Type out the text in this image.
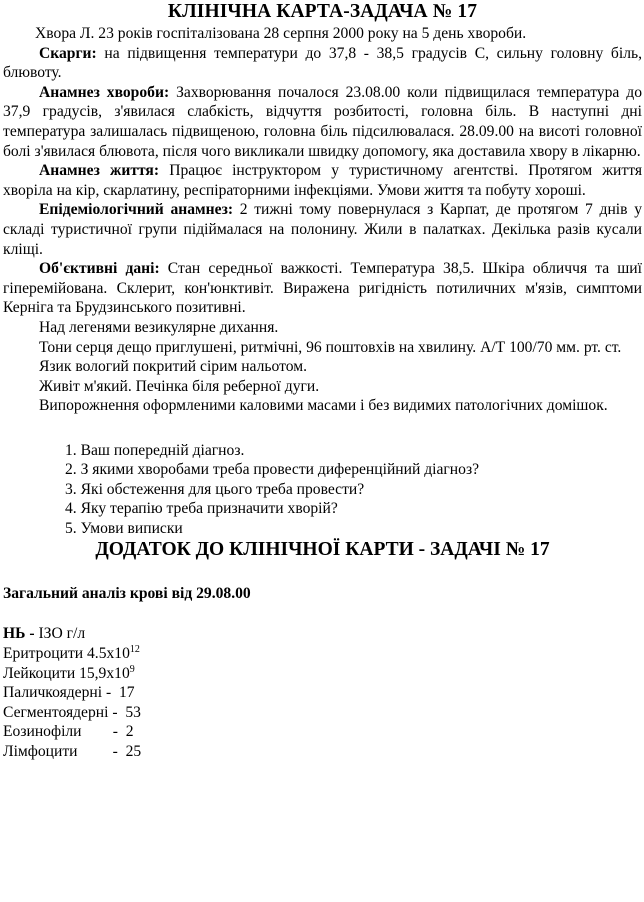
КЛІНІЧНА КАРТА-ЗАДАЧА № 17

Хвора Л. 23 років госпіталізована 28 серпня 2000 року на 5 день хвороби.

Скарги: на підвищення температури до 37,8 - 38,5 градусів С, сильну головну біль, блювоту.

Анамнез хвороби: Захворювання почалося 23.08.00 коли підвищилася температура до 37,9 градусів, з'явилася слабкість, відчуття розбитості, головна біль. В наступні дні температура залишалась підвищеною, головна біль підсилювалася. 28.09.00 на висоті головної болі з'явилася блювота, після чого викликали швидку допомогу, яка доставила хвору в лікарню.

Анамнез життя: Працює інструктором у туристичному агентстві. Протягом життя хворіла на кір, скарлатину, респіраторними інфекціями. Умови життя та побуту хороші.

Епідеміологічний анамнез: 2 тижні тому повернулася з Карпат, де протягом 7 днів у складі туристичної групи підіймалася на полонину. Жили в палатках. Декілька разів кусали кліщі.

Об'єктивні дані: Стан середньої важкості. Температура 38,5. Шкіра обличчя та шиї гіперемійована. Склерит, кон'юнктивіт. Виражена ригідність потиличних м'язів, симптоми Керніга та Брудзинського позитивні.

Над легенями везикулярне дихання.

Тони серця дещо приглушені, ритмічні, 96 поштовхів на хвилину. А/Т 100/70 мм. рт. ст.

Язик вологий покритий сірим нальотом.

Живіт м'який. Печінка біля реберної дуги.

Випорожнення оформленими каловими масами і без видимих патологічних домішок.

1. Ваш попередній діагноз.
2. З якими хворобами треба провести диференційний діагноз?
3. Які обстеження для цього треба провести?
4. Яку терапію треба призначити хворій?
5. Умови виписки
ДОДАТОК ДО КЛІНІЧНОЇ КАРТИ - ЗАДАЧІ № 17
Загальний аналіз крові від 29.08.00
НЬ - ІЗО г/л
Еритроцити $4.5х10^{12}$
Лейкоцити $15,9х10^9$
Паличкоядерні -  17
Сегментоядерні -  53
Еозинофіли        -  2
Лімфоцити         -  25
